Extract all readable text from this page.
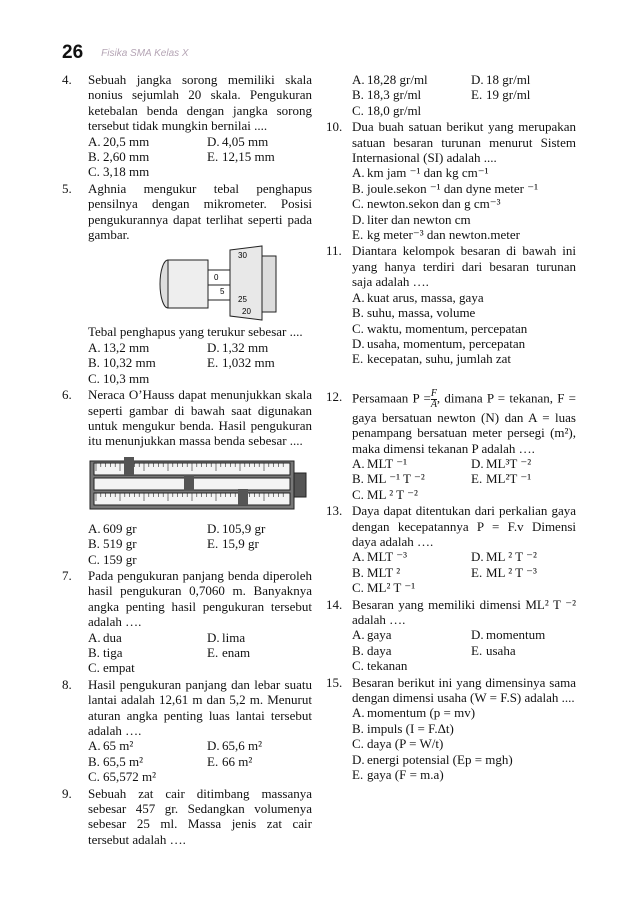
26 Fisika SMA Kelas X
4. Sebuah jangka sorong memiliki skala nonius sejumlah 20 skala. Pengukuran ketebalan benda dengan jangka sorong tersebut tidak mungkin bernilai ....
A. 20,5 mm	D. 4,05 mm
B. 2,60 mm	E. 12,15 mm
C. 3,18 mm
5. Aghnia mengukur tebal penghapus pensilnya dengan mikrometer. Posisi pengukurannya dapat terlihat seperti pada gambar.
30
0
5
25
20
Tebal penghapus yang terukur sebesar ....
A. 13,2 mm	D. 1,32 mm
B. 10,32 mm	E. 1,032 mm
C. 10,3 mm
6. Neraca O’Hauss dapat menunjukkan skala seperti gambar di bawah saat digunakan untuk mengukur benda. Hasil pengukuran itu menunjukkan massa benda sebesar ....
A. 609 gr	D. 105,9 gr
B. 519 gr	E. 15,9 gr
C. 159 gr
7. Pada pengukuran panjang benda diperoleh hasil pengukuran 0,7060 m. Banyaknya angka penting hasil pengukuran tersebut adalah ….
A. dua	D. lima
B. tiga	E. enam
C. empat
8. Hasil pengukuran panjang dan lebar suatu lantai adalah 12,61 m dan 5,2 m. Menurut aturan angka penting luas lantai tersebut adalah ….
A. 65 m²	D. 65,6 m²
B. 65,5 m²	E. 66 m²
C. 65,572 m²
9. Sebuah zat cair ditimbang massanya sebesar 457 gr. Sedangkan volumenya sebesar 25 ml. Massa jenis zat cair tersebut adalah ….
A. 18,28 gr/ml	D. 18 gr/ml
B. 18,3 gr/ml	E. 19 gr/ml
C. 18,0 gr/ml
10. Dua buah satuan berikut yang merupakan satuan besaran turunan menurut Sistem Internasional (SI) adalah ....
A. km jam ⁻¹ dan kg cm⁻¹
B. joule.sekon ⁻¹ dan dyne meter ⁻¹
C. newton.sekon dan g cm⁻³
D. liter dan newton cm
E. kg meter⁻³ dan newton.meter
11. Diantara kelompok besaran di bawah ini yang hanya terdiri dari besaran turunan saja adalah ….
A. kuat arus, massa, gaya
B. suhu, massa, volume
C. waktu, momentum, percepatan
D. usaha, momentum, percepatan
E. kecepatan, suhu, jumlah zat
12. Persamaan $P = \frac{F}{A}$ , dimana P = tekanan, F = gaya bersatuan newton (N) dan A = luas penampang bersatuan meter persegi (m²), maka dimensi tekanan P adalah ….
A. MLT ⁻¹	D. ML³T ⁻²
B. ML ⁻¹ T ⁻²	E. ML²T ⁻¹
C. ML ² T ⁻²
13. Daya dapat ditentukan dari perkalian gaya dengan kecepatannya P = F.v Dimensi daya adalah ….
A. MLT ⁻³	D. ML ² T ⁻²
B. MLT ²	E. ML ² T ⁻³
C. ML² T ⁻¹
14. Besaran yang memiliki dimensi ML² T ⁻² adalah ….
A. gaya	D. momentum
B. daya	E. usaha
C. tekanan
15. Besaran berikut ini yang dimensinya sama dengan dimensi usaha (W = F.S) adalah ....
A. momentum (p = mv)
B. impuls (I = F.Δt)
C. daya (P = W/t)
D. energi potensial (Ep = mgh)
E. gaya (F = m.a)
